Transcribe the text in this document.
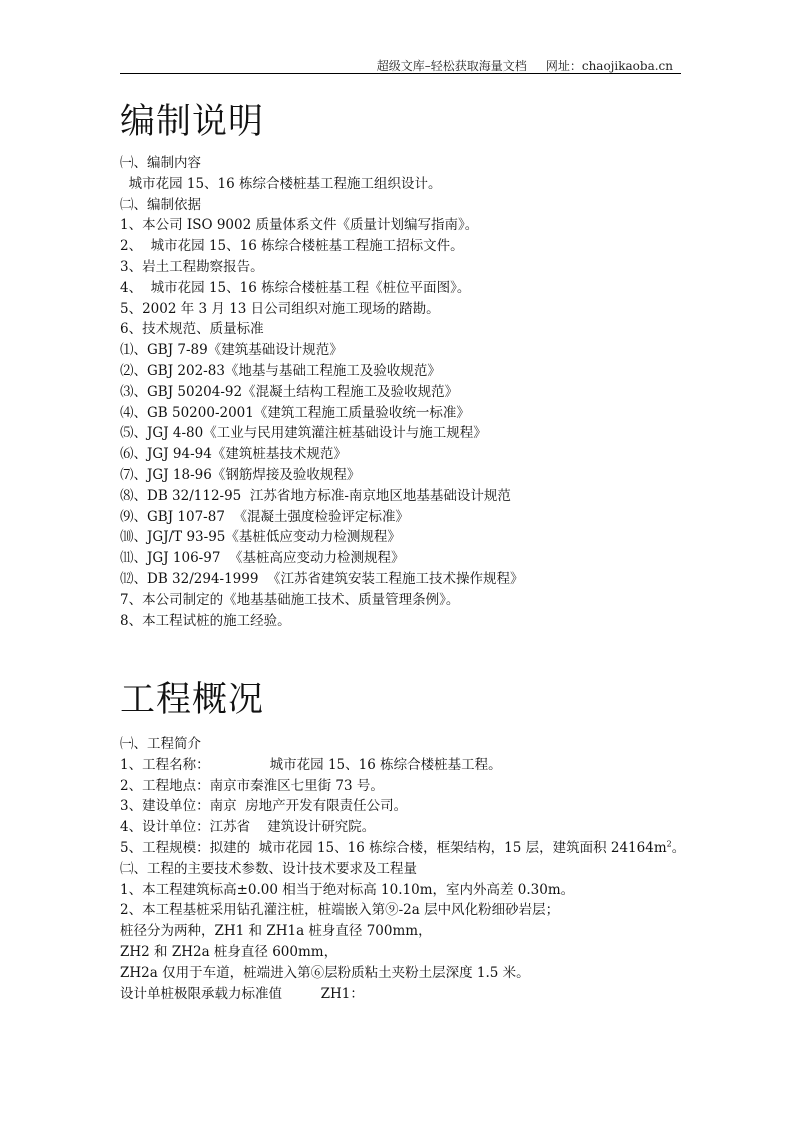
超级文库–轻松获取海量文档     网址：chaojikaoba.cn
编制说明
㈠、编制内容
城市花园 15、16 栋综合楼桩基工程施工组织设计。
㈡、编制依据
1、本公司 ISO 9002 质量体系文件《质量计划编写指南》。
2、  城市花园 15、16 栋综合楼桩基工程施工招标文件。
3、岩土工程勘察报告。
4、  城市花园 15、16 栋综合楼桩基工程《桩位平面图》。
5、2002 年 3 月 13 日公司组织对施工现场的踏勘。
6、技术规范、质量标准
⑴、GBJ 7-89《建筑基础设计规范》
⑵、GBJ 202-83《地基与基础工程施工及验收规范》
⑶、GBJ 50204-92《混凝土结构工程施工及验收规范》
⑷、GB 50200-2001《建筑工程施工质量验收统一标准》
⑸、JGJ 4-80《工业与民用建筑灌注桩基础设计与施工规程》
⑹、JGJ 94-94《建筑桩基技术规范》
⑺、JGJ 18-96《钢筋焊接及验收规程》
⑻、DB 32/112-95  江苏省地方标准-南京地区地基基础设计规范
⑼、GBJ 107-87  《混凝土强度检验评定标准》
⑽、JGJ/T 93-95《基桩低应变动力检测规程》
⑾、JGJ 106-97  《基桩高应变动力检测规程》
⑿、DB 32/294-1999  《江苏省建筑安装工程施工技术操作规程》
7、本公司制定的《地基基础施工技术、质量管理条例》。
8、本工程试桩的施工经验。
工程概况
㈠、工程简介
1、工程名称：              城市花园 15、16 栋综合楼桩基工程。
2、工程地点：南京市秦淮区七里街 73 号。
3、建设单位：南京  房地产开发有限责任公司。
4、设计单位：江苏省    建筑设计研究院。
5、工程规模：拟建的  城市花园 15、16 栋综合楼，框架结构，15 层，建筑面积 $24164m^2$。
㈡、工程的主要技术参数、设计技术要求及工程量
1、本工程建筑标高±0.00 相当于绝对标高 10.10m，室内外高差 0.30m。
2、本工程基桩采用钻孔灌注桩，桩端嵌入第⑨-2a 层中风化粉细砂岩层；
桩径分为两种，ZH1 和 ZH1a 桩身直径 700mm，
ZH2 和 ZH2a 桩身直径 600mm，
ZH2a 仅用于车道，桩端进入第⑥层粉质粘土夹粉土层深度 1.5 米。
设计单桩极限承载力标准值         ZH1：
